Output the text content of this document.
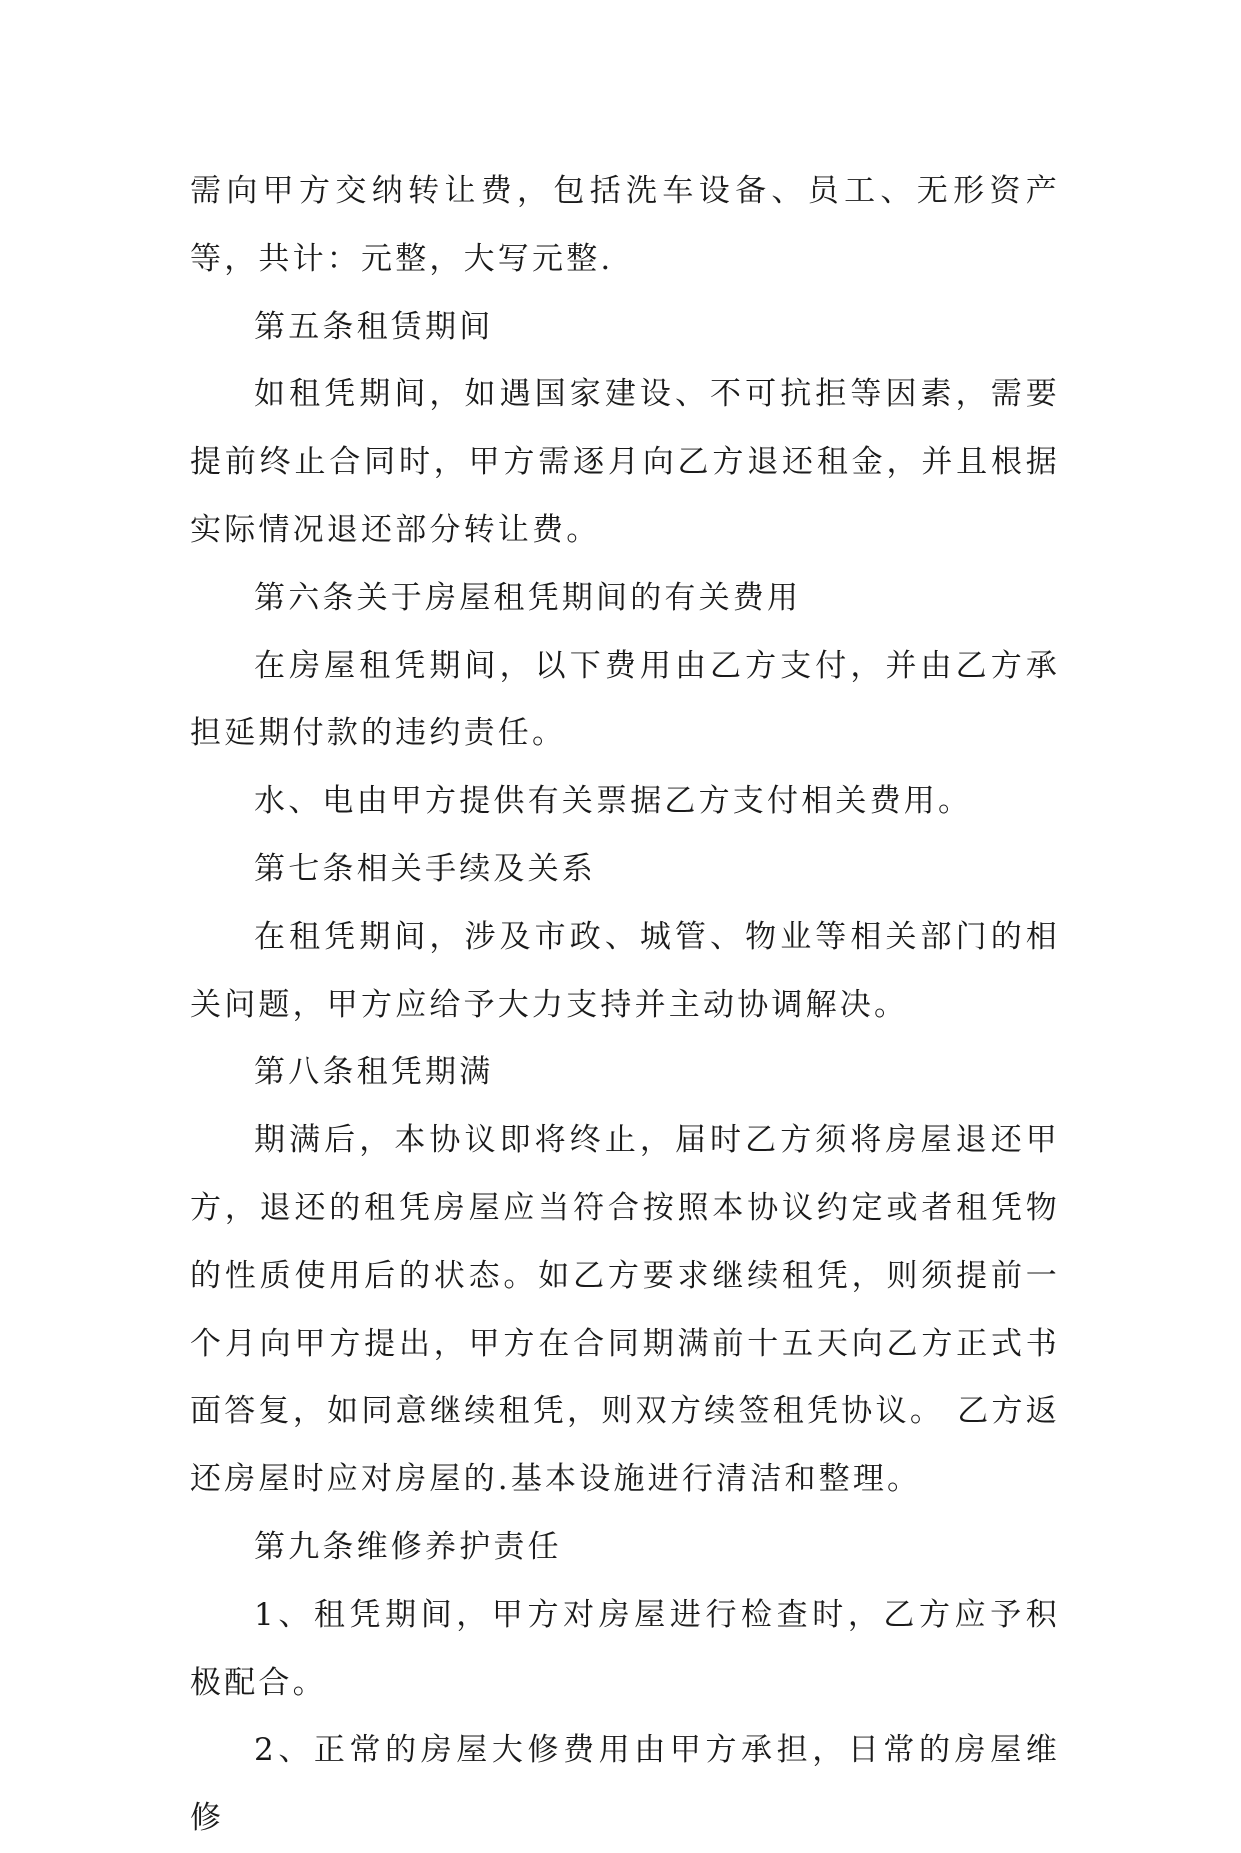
需向甲方交纳转让费，包括洗车设备、员工、无形资产等，共计：元整，大写元整.

第五条租赁期间

如租凭期间，如遇国家建设、不可抗拒等因素，需要提前终止合同时，甲方需逐月向乙方退还租金，并且根据实际情况退还部分转让费。

第六条关于房屋租凭期间的有关费用

在房屋租凭期间，以下费用由乙方支付，并由乙方承担延期付款的违约责任。

水、电由甲方提供有关票据乙方支付相关费用。

第七条相关手续及关系

在租凭期间，涉及市政、城管、物业等相关部门的相关问题，甲方应给予大力支持并主动协调解决。

第八条租凭期满

期满后，本协议即将终止，届时乙方须将房屋退还甲方，退还的租凭房屋应当符合按照本协议约定或者租凭物的性质使用后的状态。如乙方要求继续租凭，则须提前一个月向甲方提出，甲方在合同期满前十五天向乙方正式书面答复，如同意继续租凭，则双方续签租凭协议。 乙方返还房屋时应对房屋的.基本设施进行清洁和整理。

第九条维修养护责任

1、租凭期间，甲方对房屋进行检查时，乙方应予积极配合。

2、正常的房屋大修费用由甲方承担，日常的房屋维修
